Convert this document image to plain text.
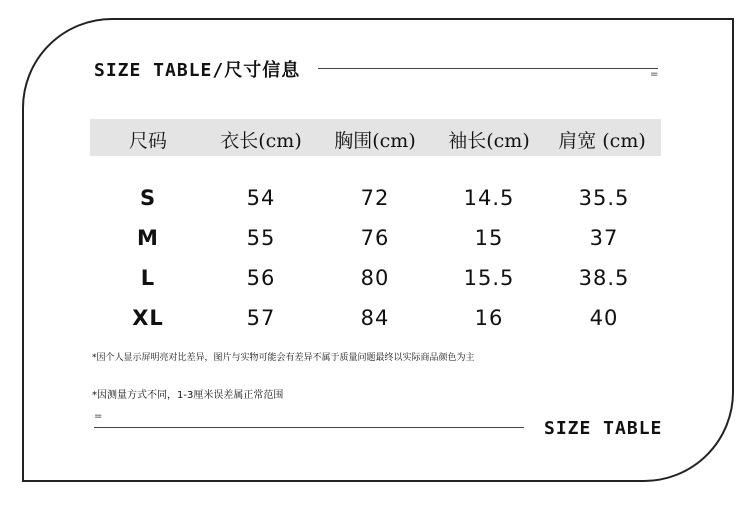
SIZE TABLE/尺寸信息	=
尺码	衣长(cm)	胸围(cm)	袖长(cm)	肩宽 (cm)
S	54	72	14.5	35.5
M	55	76	15	37
L	56	80	15.5	38.5
XL	57	84	16	40
*因个人显示屏明亮对比差异，图片与实物可能会有差异不属于质量问题最终以实际商品颜色为主
*因测量方式不同，1-3厘米误差属正常范围
=
SIZE TABLE
